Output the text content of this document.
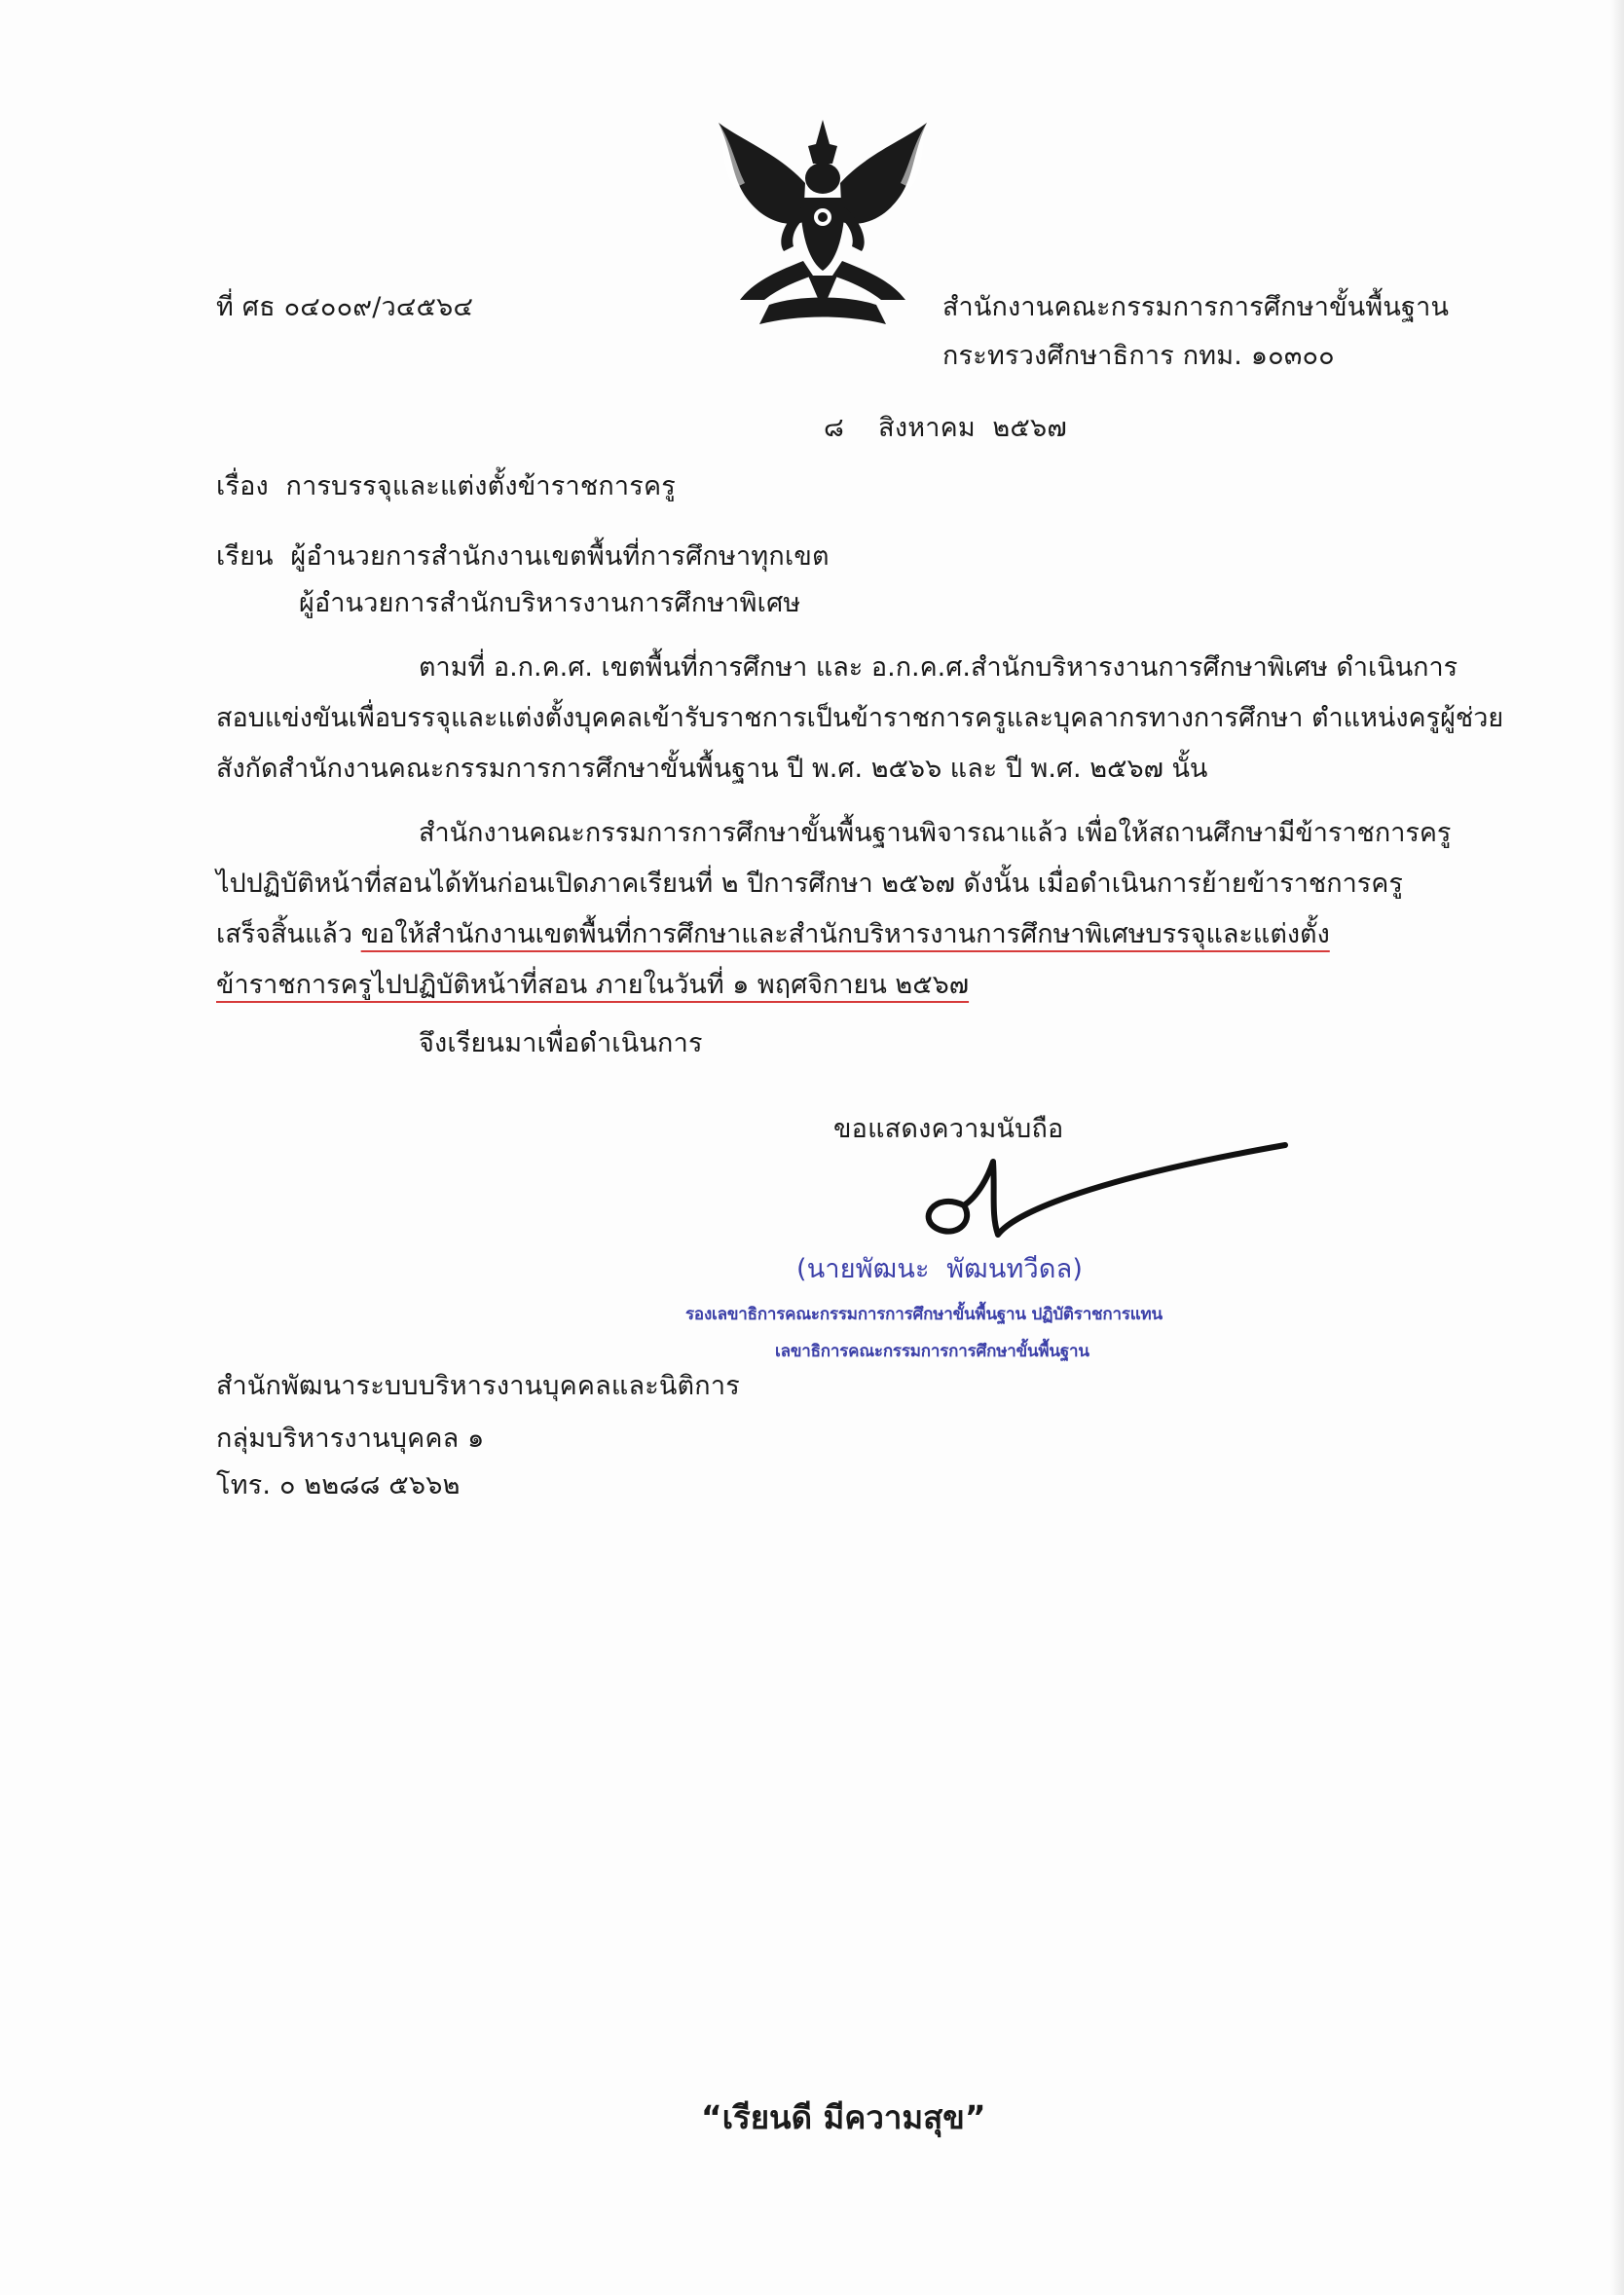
ที่ ศธ ๐๔๐๐๙/ว๔๕๖๔	สำนักงานคณะกรรมการการศึกษาขั้นพื้นฐาน
กระทรวงศึกษาธิการ กทม. ๑๐๓๐๐
๘    สิงหาคม  ๒๕๖๗
เรื่อง การบรรจุและแต่งตั้งข้าราชการครู
เรียน ผู้อำนวยการสำนักงานเขตพื้นที่การศึกษาทุกเขต
ผู้อำนวยการสำนักบริหารงานการศึกษาพิเศษ
ตามที่ อ.ก.ค.ศ. เขตพื้นที่การศึกษา และ อ.ก.ค.ศ.สำนักบริหารงานการศึกษาพิเศษ ดำเนินการ
สอบแข่งขันเพื่อบรรจุและแต่งตั้งบุคคลเข้ารับราชการเป็นข้าราชการครูและบุคลากรทางการศึกษา ตำแหน่งครูผู้ช่วย
สังกัดสำนักงานคณะกรรมการการศึกษาขั้นพื้นฐาน ปี พ.ศ. ๒๕๖๖ และ ปี พ.ศ. ๒๕๖๗ นั้น
สำนักงานคณะกรรมการการศึกษาขั้นพื้นฐานพิจารณาแล้ว เพื่อให้สถานศึกษามีข้าราชการครู
ไปปฏิบัติหน้าที่สอนได้ทันก่อนเปิดภาคเรียนที่ ๒ ปีการศึกษา ๒๕๖๗ ดังนั้น เมื่อดำเนินการย้ายข้าราชการครู
เสร็จสิ้นแล้ว ขอให้สำนักงานเขตพื้นที่การศึกษาและสำนักบริหารงานการศึกษาพิเศษบรรจุและแต่งตั้ง
ข้าราชการครูไปปฏิบัติหน้าที่สอน ภายในวันที่ ๑ พฤศจิกายน ๒๕๖๗
จึงเรียนมาเพื่อดำเนินการ
ขอแสดงความนับถือ
(นายพัฒนะ  พัฒนทวีดล)
รองเลขาธิการคณะกรรมการการศึกษาขั้นพื้นฐาน ปฏิบัติราชการแทน
เลขาธิการคณะกรรมการการศึกษาขั้นพื้นฐาน
สำนักพัฒนาระบบบริหารงานบุคคลและนิติการ
กลุ่มบริหารงานบุคคล ๑
โทร. ๐ ๒๒๘๘ ๕๖๖๒
“เรียนดี มีความสุข”
